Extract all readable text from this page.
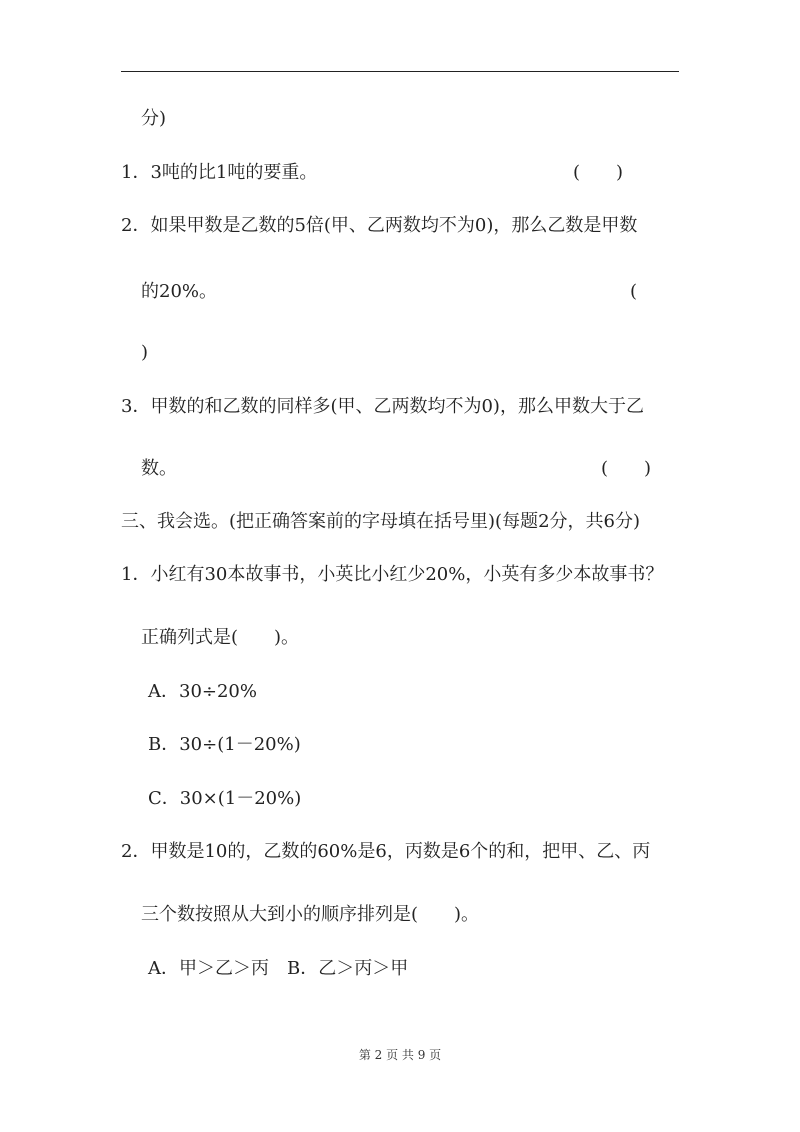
分)
1．3吨的比1吨的要重。	(　　)
2．如果甲数是乙数的5倍(甲、乙两数均不为0)，那么乙数是甲数
的20%。	(
)
3．甲数的和乙数的同样多(甲、乙两数均不为0)，那么甲数大于乙
数。	(　　)
三、我会选。(把正确答案前的字母填在括号里)(每题2分，共6分)
1．小红有30本故事书，小英比小红少20%，小英有多少本故事书？
正确列式是(　　)。
A．30÷20%
B．30÷(1－20%)
C．30×(1－20%)
2．甲数是10的，乙数的60%是6，丙数是6个的和，把甲、乙、丙
三个数按照从大到小的顺序排列是(　　)。
A．甲＞乙＞丙　B．乙＞丙＞甲
第 2 页 共 9 页
